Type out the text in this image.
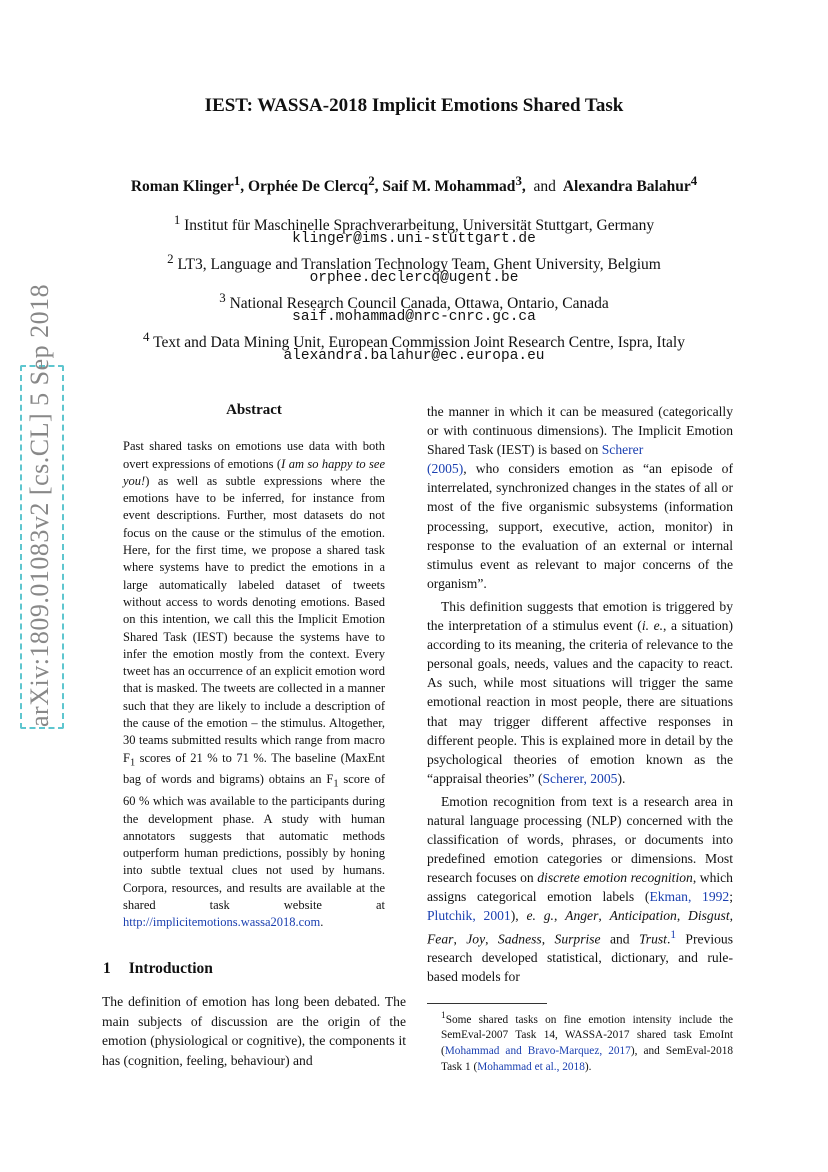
arXiv:1809.01083v2 [cs.CL] 5 Sep 2018
IEST: WASSA-2018 Implicit Emotions Shared Task
Roman Klinger$^1$, Orphée De Clercq$^2$, Saif M. Mohammad$^3$,  and Alexandra Balahur$^4$
$^1$ Institut für Maschinelle Sprachverarbeitung, Universität Stuttgart, Germany
klinger@ims.uni-stuttgart.de
$^2$ LT3, Language and Translation Technology Team, Ghent University, Belgium
orphee.declercq@ugent.be
$^3$ National Research Council Canada, Ottawa, Ontario, Canada
saif.mohammad@nrc-cnrc.gc.ca
$^4$ Text and Data Mining Unit, European Commission Joint Research Centre, Ispra, Italy
alexandra.balahur@ec.europa.eu
Abstract

Past shared tasks on emotions use data with both overt expressions of emotions (I am so happy to see you!) as well as subtle expressions where the emotions have to be inferred, for instance from event descriptions. Further, most datasets do not focus on the cause or the stimulus of the emotion. Here, for the first time, we propose a shared task where systems have to predict the emotions in a large automatically labeled dataset of tweets without access to words denoting emotions. Based on this intention, we call this the Implicit Emotion Shared Task (IEST) because the systems have to infer the emotion mostly from the context. Every tweet has an occurrence of an explicit emotion word that is masked. The tweets are collected in a manner such that they are likely to include a description of the cause of the emotion – the stimulus. Altogether, 30 teams submitted results which range from macro $F_1$ scores of 21 % to 71 %. The baseline (MaxEnt bag of words and bigrams) obtains an $F_1$ score of 60 % which was available to the participants during the development phase. A study with human annotators suggests that automatic methods outperform human predictions, possibly by honing into subtle textual clues not used by humans. Corpora, resources, and results are available at the shared task website at http://implicitemotions.wassa2018.com.

1 Introduction
The definition of emotion has long been debated. The main subjects of discussion are the origin of the emotion (physiological or cognitive), the components it has (cognition, feeling, behaviour) and

the manner in which it can be measured (categorically or with continuous dimensions). The Implicit Emotion Shared Task (IEST) is based on Scherer
(2005), who considers emotion as “an episode of interrelated, synchronized changes in the states of all or most of the five organismic subsystems (information processing, support, executive, action, monitor) in response to the evaluation of an external or internal stimulus event as relevant to major concerns of the organism”.

This definition suggests that emotion is triggered by the interpretation of a stimulus event (i. e., a situation) according to its meaning, the criteria of relevance to the personal goals, needs, values and the capacity to react. As such, while most situations will trigger the same emotional reaction in most people, there are situations that may trigger different affective responses in different people. This is explained more in detail by the psychological theories of emotion known as the “appraisal theories” (Scherer, 2005).

Emotion recognition from text is a research area in natural language processing (NLP) concerned with the classification of words, phrases, or documents into predefined emotion categories or dimensions. Most research focuses on discrete emotion recognition, which assigns categorical emotion labels (Ekman, 1992; Plutchik, 2001), e. g., Anger, Anticipation, Disgust, Fear, Joy, Sadness, Surprise and Trust.$^1$ Previous research developed statistical, dictionary, and rule-based models for

$^1$Some shared tasks on fine emotion intensity include the SemEval-2007 Task 14, WASSA-2017 shared task EmoInt (Mohammad and Bravo-Marquez, 2017), and SemEval-2018 Task 1 (Mohammad et al., 2018).
